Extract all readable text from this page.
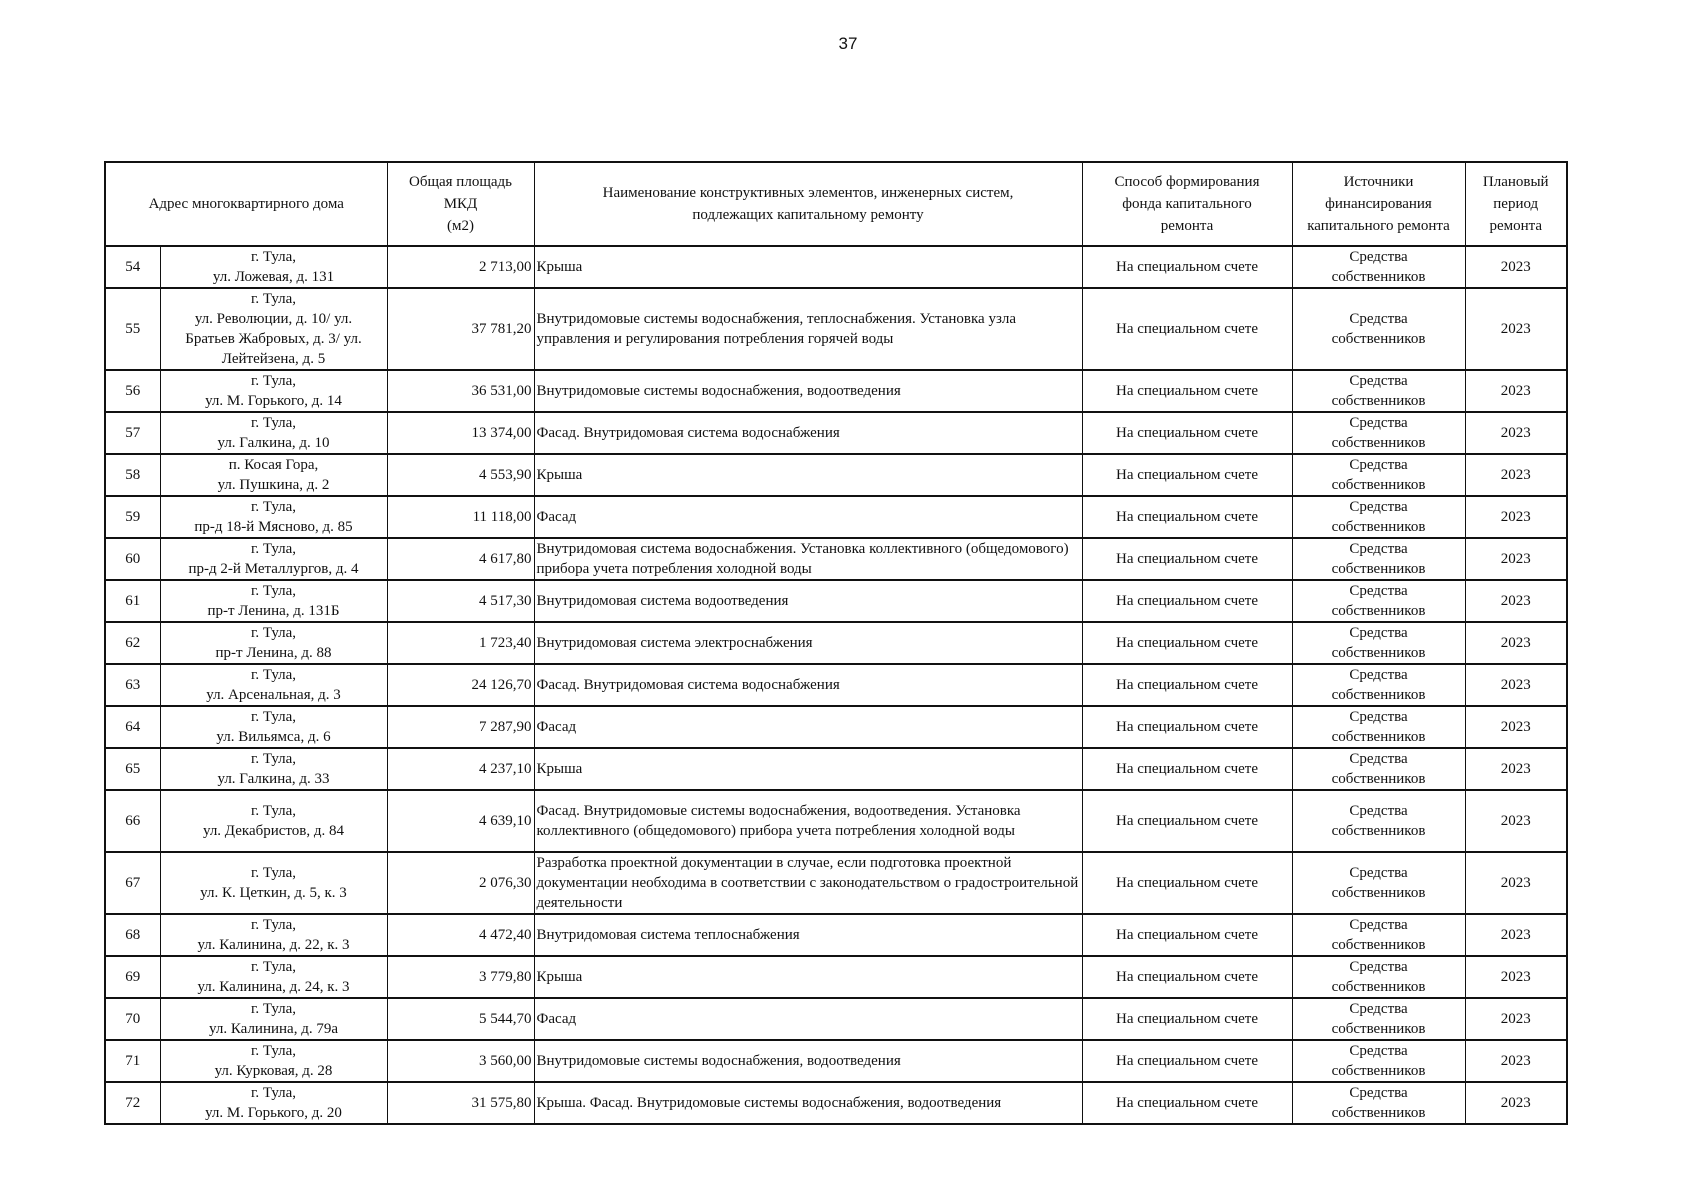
37
Адрес многоквартирного дома		Общая площадь
МКД
(м2)	Наименование конструктивных элементов, инженерных систем,
подлежащих капитальному ремонту	Способ формирования
фонда капитального
ремонта	Источники
финансирования
капитального ремонта	Плановый
период
ремонта

54	г. Тула,
ул. Ложевая, д. 131	2 713,00	Крыша	На специальном счете	Средства
собственников	2023
55	г. Тула,
ул. Революции, д. 10/ ул.
Братьев Жабровых, д. 3/ ул.
Лейтейзена, д. 5	37 781,20	Внутридомовые системы водоснабжения, теплоснабжения. Установка узла управления и регулирования потребления горячей воды	На специальном счете	Средства
собственников	2023
56	г. Тула,
ул. М. Горького, д. 14	36 531,00	Внутридомовые системы водоснабжения, водоотведения	На специальном счете	Средства
собственников	2023
57	г. Тула,
ул. Галкина, д. 10	13 374,00	Фасад. Внутридомовая система водоснабжения	На специальном счете	Средства
собственников	2023
58	п. Косая Гора,
ул. Пушкина, д. 2	4 553,90	Крыша	На специальном счете	Средства
собственников	2023
59	г. Тула,
пр-д 18-й Мясново, д. 85	11 118,00	Фасад	На специальном счете	Средства
собственников	2023
60	г. Тула,
пр-д 2-й Металлургов, д. 4	4 617,80	Внутридомовая система водоснабжения. Установка коллективного (общедомового) прибора учета потребления холодной воды	На специальном счете	Средства
собственников	2023
61	г. Тула,
пр-т Ленина, д. 131Б	4 517,30	Внутридомовая система водоотведения	На специальном счете	Средства
собственников	2023
62	г. Тула,
пр-т Ленина, д. 88	1 723,40	Внутридомовая система электроснабжения	На специальном счете	Средства
собственников	2023
63	г. Тула,
ул. Арсенальная, д. 3	24 126,70	Фасад. Внутридомовая система водоснабжения	На специальном счете	Средства
собственников	2023
64	г. Тула,
ул. Вильямса, д. 6	7 287,90	Фасад	На специальном счете	Средства
собственников	2023
65	г. Тула,
ул. Галкина, д. 33	4 237,10	Крыша	На специальном счете	Средства
собственников	2023
66	г. Тула,
ул. Декабристов, д. 84	4 639,10	Фасад. Внутридомовые системы водоснабжения, водоотведения. Установка коллективного (общедомового) прибора учета потребления холодной воды	На специальном счете	Средства
собственников	2023
67	г. Тула,
ул. К. Цеткин, д. 5, к. 3	2 076,30	Разработка проектной документации в случае, если подготовка проектной документации необходима в соответствии с законодательством о градостроительной деятельности	На специальном счете	Средства
собственников	2023
68	г. Тула,
ул. Калинина, д. 22, к. 3	4 472,40	Внутридомовая система теплоснабжения	На специальном счете	Средства
собственников	2023
69	г. Тула,
ул. Калинина, д. 24, к. 3	3 779,80	Крыша	На специальном счете	Средства
собственников	2023
70	г. Тула,
ул. Калинина, д. 79а	5 544,70	Фасад	На специальном счете	Средства
собственников	2023
71	г. Тула,
ул. Курковая, д. 28	3 560,00	Внутридомовые системы водоснабжения, водоотведения	На специальном счете	Средства
собственников	2023
72	г. Тула,
ул. М. Горького, д. 20	31 575,80	Крыша. Фасад. Внутридомовые системы водоснабжения, водоотведения	На специальном счете	Средства
собственников	2023
